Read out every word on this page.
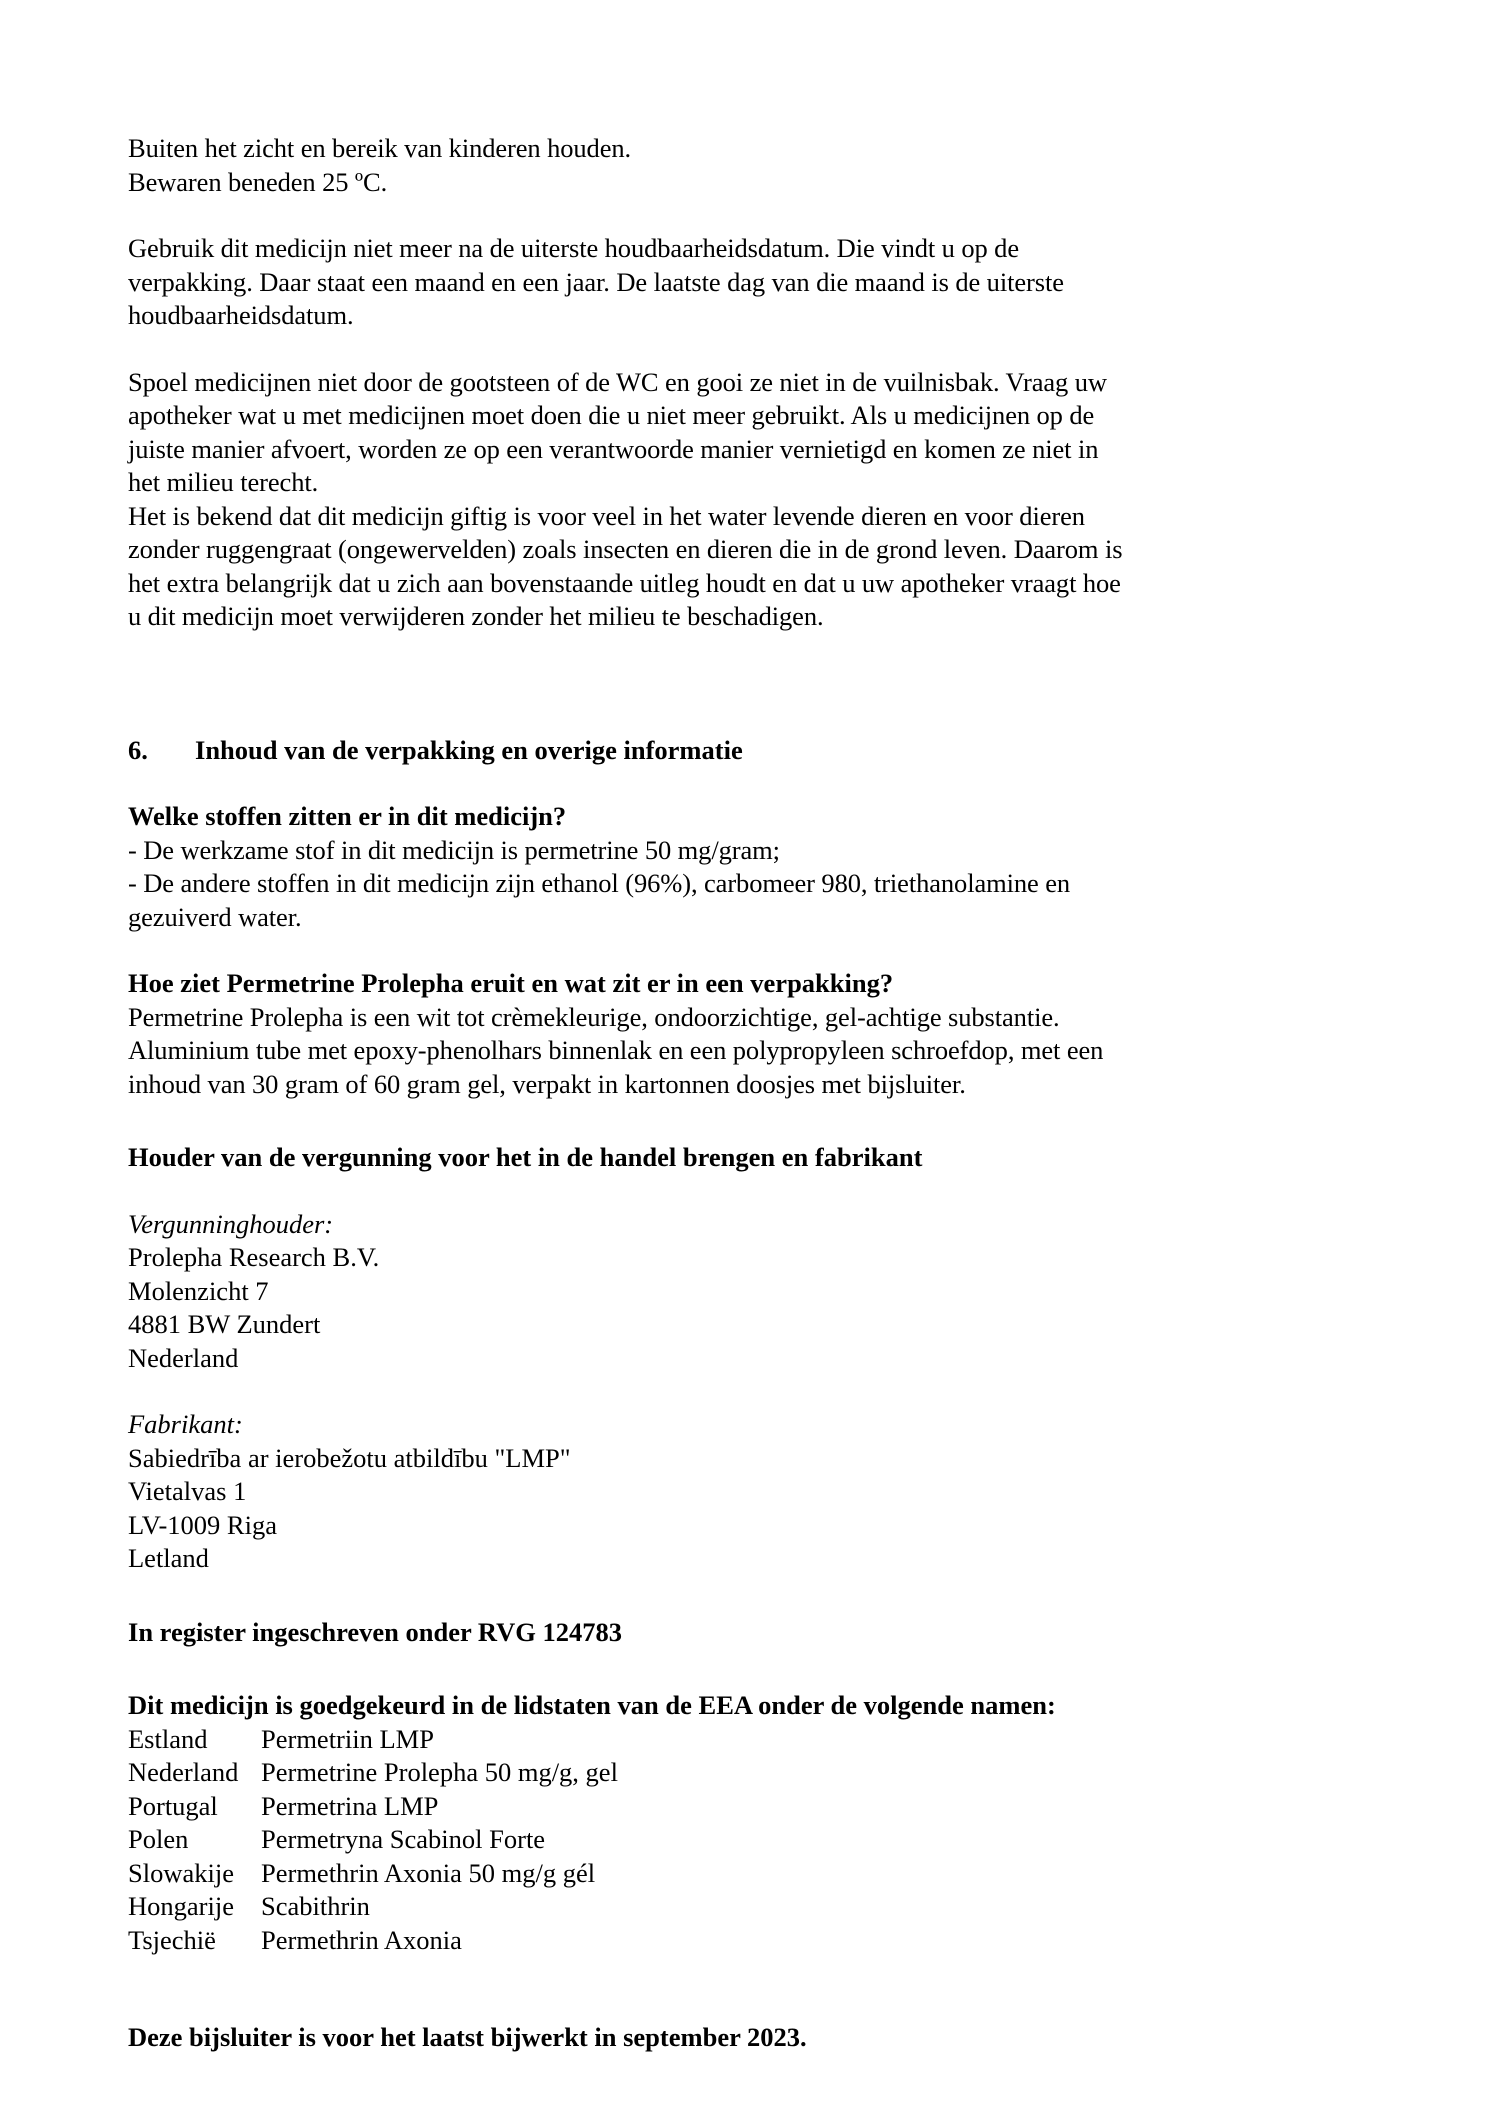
Buiten het zicht en bereik van kinderen houden.

Bewaren beneden 25 ºC.

Gebruik dit medicijn niet meer na de uiterste houdbaarheidsdatum. Die vindt u op de verpakking. Daar staat een maand en een jaar. De laatste dag van die maand is de uiterste houdbaarheidsdatum.

Spoel medicijnen niet door de gootsteen of de WC en gooi ze niet in de vuilnisbak. Vraag uw apotheker wat u met medicijnen moet doen die u niet meer gebruikt. Als u medicijnen op de juiste manier afvoert, worden ze op een verantwoorde manier vernietigd en komen ze niet in het milieu terecht.

Het is bekend dat dit medicijn giftig is voor veel in het water levende dieren en voor dieren zonder ruggengraat (ongewervelden) zoals insecten en dieren die in de grond leven. Daarom is het extra belangrijk dat u zich aan bovenstaande uitleg houdt en dat u uw apotheker vraagt hoe u dit medicijn moet verwijderen zonder het milieu te beschadigen.

6.	Inhoud van de verpakking en overige informatie

Welke stoffen zitten er in dit medicijn?

- De werkzame stof in dit medicijn is permetrine 50 mg/gram;

- De andere stoffen in dit medicijn zijn ethanol (96%), carbomeer 980, triethanolamine en gezuiverd water.

Hoe ziet Permetrine Prolepha eruit en wat zit er in een verpakking?

Permetrine Prolepha is een wit tot crèmekleurige, ondoorzichtige, gel-achtige substantie. Aluminium tube met epoxy-phenolhars binnenlak en een polypropyleen schroefdop, met een inhoud van 30 gram of 60 gram gel, verpakt in kartonnen doosjes met bijsluiter.

Houder van de vergunning voor het in de handel brengen en fabrikant

Vergunninghouder:

Prolepha Research B.V.

Molenzicht 7

4881 BW Zundert

Nederland

Fabrikant:

Sabiedrība ar ierobežotu atbildību "LMP"

Vietalvas 1

LV-1009 Riga

Letland

In register ingeschreven onder RVG 124783

Dit medicijn is goedgekeurd in de lidstaten van de EEA onder de volgende namen:

Estland	Permetriin LMP
Nederland	Permetrine Prolepha 50 mg/g, gel
Portugal	Permetrina LMP
Polen	Permetryna Scabinol Forte
Slowakije	Permethrin Axonia 50 mg/g gél
Hongarije	Scabithrin
Tsjechië	Permethrin Axonia

Deze bijsluiter is voor het laatst bijwerkt in september 2023.
